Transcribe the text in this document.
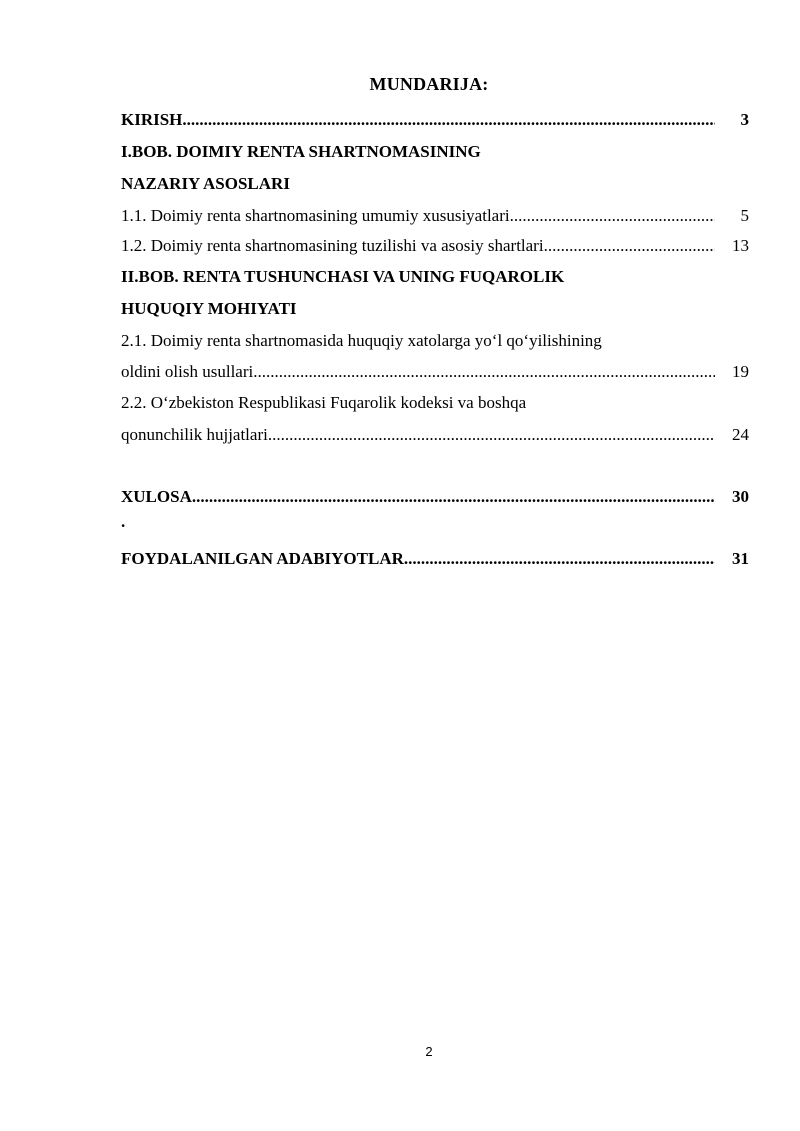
MUNDARIJA:
KIRISH .....	3
I.BOB. DOIMIY RENTA SHARTNOMASINING
NAZARIY ASOSLARI
1.1. Doimiy renta shartnomasining umumiy xususiyatlari .....	5
1.2. Doimiy renta shartnomasining tuzilishi va asosiy shartlari .....	13
II.BOB. RENTA TUSHUNCHASI VA UNING FUQAROLIK
HUQUQIY MOHIYATI
2.1. Doimiy renta shartnomasida huquqiy xatolarga yo‘l qo‘yilishining
oldini olish usullari .....	19
2.2. O‘zbekiston Respublikasi Fuqarolik kodeksi va boshqa
qonunchilik hujjatlari .....	24
XULOSA .....	30
.
FOYDALANILGAN ADABIYOTLAR .....	31
2
